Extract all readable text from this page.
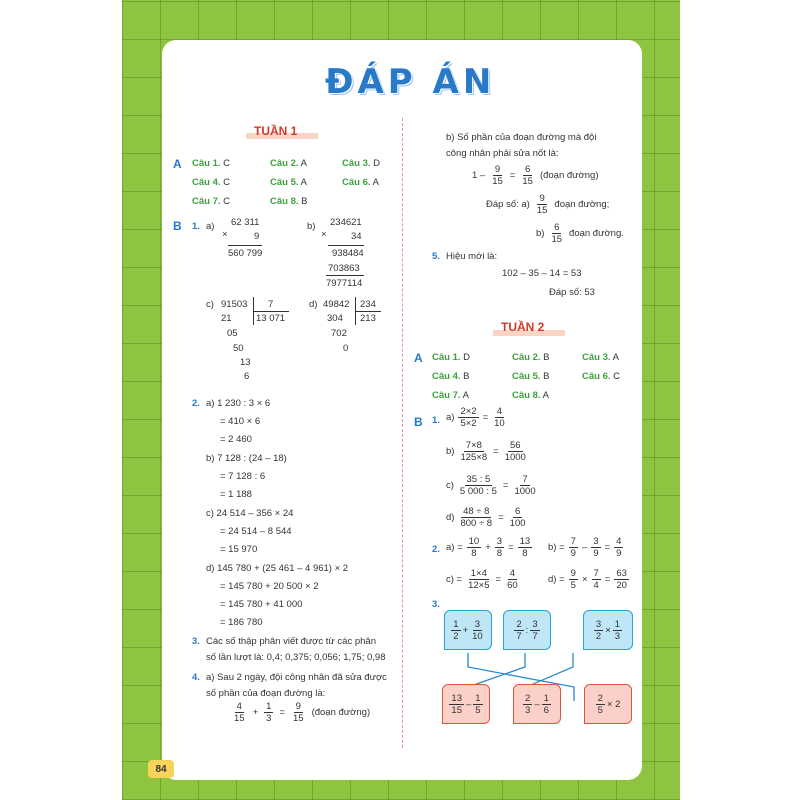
ĐÁP ÁN
TUẦN 1
A Câu 1. C	Câu 2. A	Câu 3. D
Câu 4. C	Câu 5. A	Câu 6. A
Câu 7. C	Câu 8. B
B 1. a)
×
62 311
9
560 799
b)
×
234621
34
938484
703863
7977114
c) 91503 7
13 071
21
05
50
13
6
d) 49842 234
213
304
702
0
2. a) 1 230 : 3 × 6
= 410 × 6
= 2 460
b) 7 128 : (24 – 18)
= 7 128 : 6
= 1 188
c) 24 514 – 356 × 24
= 24 514 – 8 544
= 15 970
d) 145 780 + (25 461 – 4 961) × 2
= 145 780 + 20 500 × 2
= 145 780 + 41 000
= 186 780
3. Các số thập phân viết được từ các phân
số lần lượt là: 0,4; 0,375; 0,056; 1,75; 0,98
4. a) Sau 2 ngày, đội công nhân đã sửa được
số phần của đoạn đường là:
$\frac{4}{15} + \frac{1}{3} = \frac{9}{15}$ (đoạn đường)
b) Số phần của đoạn đường mà đội
công nhân phải sửa nốt là:
$1 - \frac{9}{15} = \frac{6}{15}$ (đoạn đường)
Đáp số: $a) \frac{9}{15}$ đoạn đường;
$b) \frac{6}{15}$ đoạn đường.
5. Hiệu mới là:
102 – 35 – 14 = 53
Đáp số: 53
TUẦN 2
A Câu 1. D	Câu 2. B	Câu 3. A
Câu 4. B	Câu 5. B	Câu 6. C
Câu 7. A	Câu 8. A
B 1. $a) \frac{2\times 2}{5\times 2} = \frac{4}{10}$
$b) \frac{7\times 8}{125\times 8} = \frac{56}{1000}$
$c) \frac{35 : 5}{5 000 : 5} = \frac{7}{1000}$
$d) \frac{48 \div 8}{800 \div 8} = \frac{6}{100}$
2. $a) = \frac{10}{8} + \frac{3}{8} = \frac{13}{8} b) = \frac{7}{9} - \frac{3}{9} = \frac{4}{9}$
$c) = \frac{1\times 4}{12\times 5} = \frac{4}{60}$	$d) = \frac{9}{5} \times \frac{7}{4} = \frac{63}{20}$
3.
$\frac{1}{2} + \frac{3}{10}$	$\frac{2}{7}$ : $\frac{3}{7}$	$\frac{3}{2} \times \frac{1}{3}$
$\frac{13}{15} - \frac{1}{5}$	$\frac{2}{3} - \frac{1}{6}$	$\frac{2}{5} \times 2$
84
